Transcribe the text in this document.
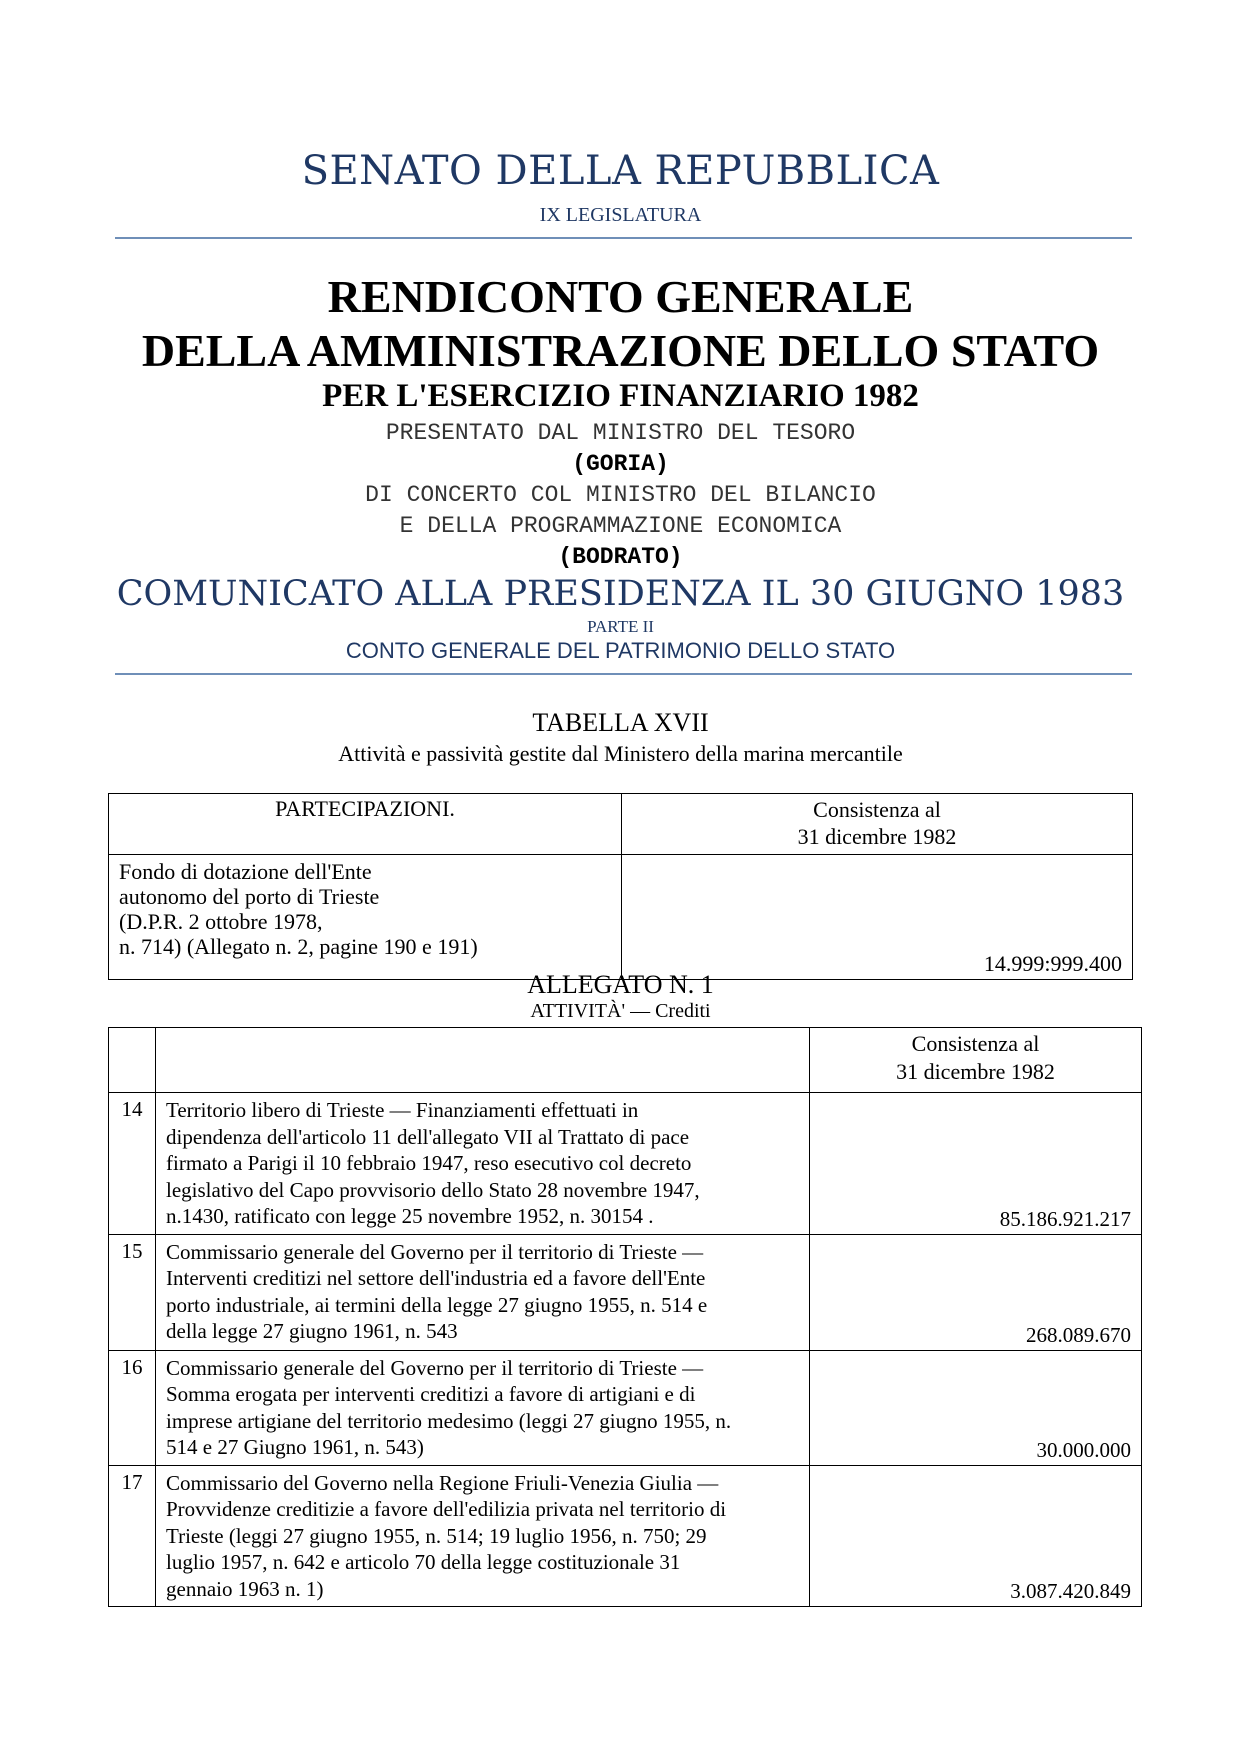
SENATO DELLA REPUBBLICA
IX LEGISLATURA
RENDICONTO GENERALE
DELLA AMMINISTRAZIONE DELLO STATO
PER L'ESERCIZIO FINANZIARIO 1982
PRESENTATO DAL MINISTRO DEL TESORO
(GORIA)
DI CONCERTO COL MINISTRO DEL BILANCIO
E DELLA PROGRAMMAZIONE ECONOMICA
(BODRATO)
COMUNICATO ALLA PRESIDENZA IL 30 GIUGNO 1983
PARTE II
CONTO GENERALE DEL PATRIMONIO DELLO STATO
TABELLA XVII
Attività e passività gestite dal Ministero della marina mercantile
PARTECIPAZIONI.	Consistenza al
31 dicembre 1982

Fondo di dotazione dell'Ente
autonomo del porto di Trieste
(D.P.R. 2 ottobre 1978,
n. 714) (Allegato n. 2, pagine 190 e 191)	14.999:999.400
ALLEGATO N. 1
ATTIVITÀ' — Crediti

		Consistenza al
31 dicembre 1982

14	Territorio libero di Trieste — Finanziamenti effettuati in
dipendenza dell'articolo 11 dell'allegato VII al Trattato di pace
firmato a Parigi il 10 febbraio 1947, reso esecutivo col decreto
legislativo del Capo provvisorio dello Stato 28 novembre 1947,
n.1430, ratificato con legge 25 novembre 1952, n. 30154 .	85.186.921.217
15	Commissario generale del Governo per il territorio di Trieste —
Interventi creditizi nel settore dell'industria ed a favore dell'Ente
porto industriale, ai termini della legge 27 giugno 1955, n. 514 e
della legge 27 giugno 1961, n. 543	268.089.670
16	Commissario generale del Governo per il territorio di Trieste —
Somma erogata per interventi creditizi a favore di artigiani e di
imprese artigiane del territorio medesimo (leggi 27 giugno 1955, n.
514 e 27 Giugno 1961, n. 543)	30.000.000
17	Commissario del Governo nella Regione Friuli-Venezia Giulia —
Provvidenze creditizie a favore dell'edilizia privata nel territorio di
Trieste (leggi 27 giugno 1955, n. 514; 19 luglio 1956, n. 750; 29
luglio 1957, n. 642 e articolo 70 della legge costituzionale 31
gennaio 1963 n. 1)	3.087.420.849
